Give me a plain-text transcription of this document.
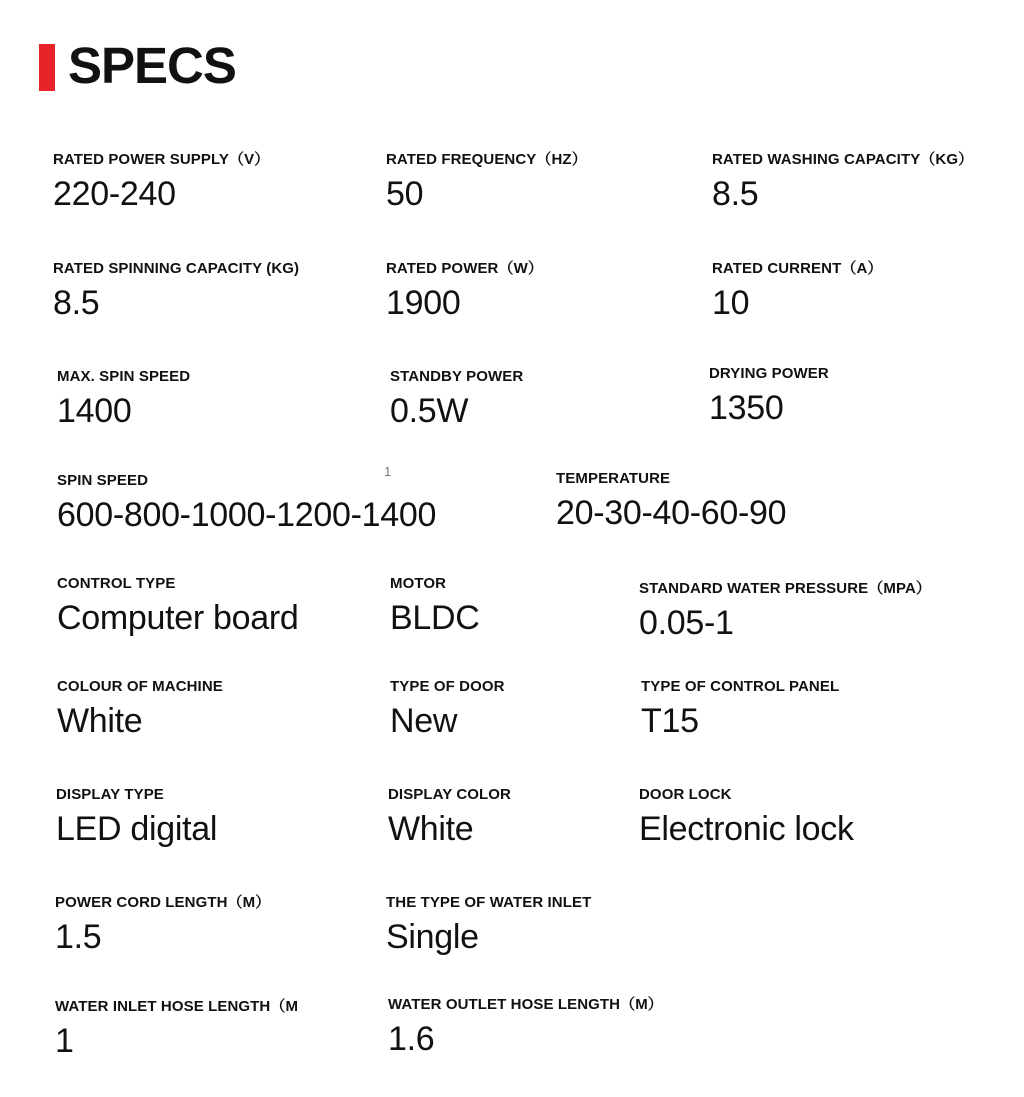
SPECS
RATED POWER SUPPLY（V）
220-240
RATED FREQUENCY（HZ）
50
RATED WASHING CAPACITY（KG）
8.5
RATED SPINNING CAPACITY (KG)
8.5
RATED POWER（W）
1900
RATED CURRENT（A）
10
MAX. SPIN SPEED
1400
STANDBY POWER
0.5W
DRYING POWER
1350
1
SPIN SPEED
600-800-1000-1200-1400
TEMPERATURE
20-30-40-60-90
CONTROL TYPE
Computer board
MOTOR
BLDC
STANDARD WATER PRESSURE（MPA）
0.05-1
COLOUR OF MACHINE
White
TYPE OF DOOR
New
TYPE OF CONTROL PANEL
T15
DISPLAY TYPE
LED digital
DISPLAY COLOR
White
DOOR LOCK
Electronic lock
POWER CORD LENGTH（M）
1.5
THE TYPE OF WATER INLET
Single
WATER INLET HOSE LENGTH（M
1
WATER OUTLET HOSE LENGTH（M）
1.6
